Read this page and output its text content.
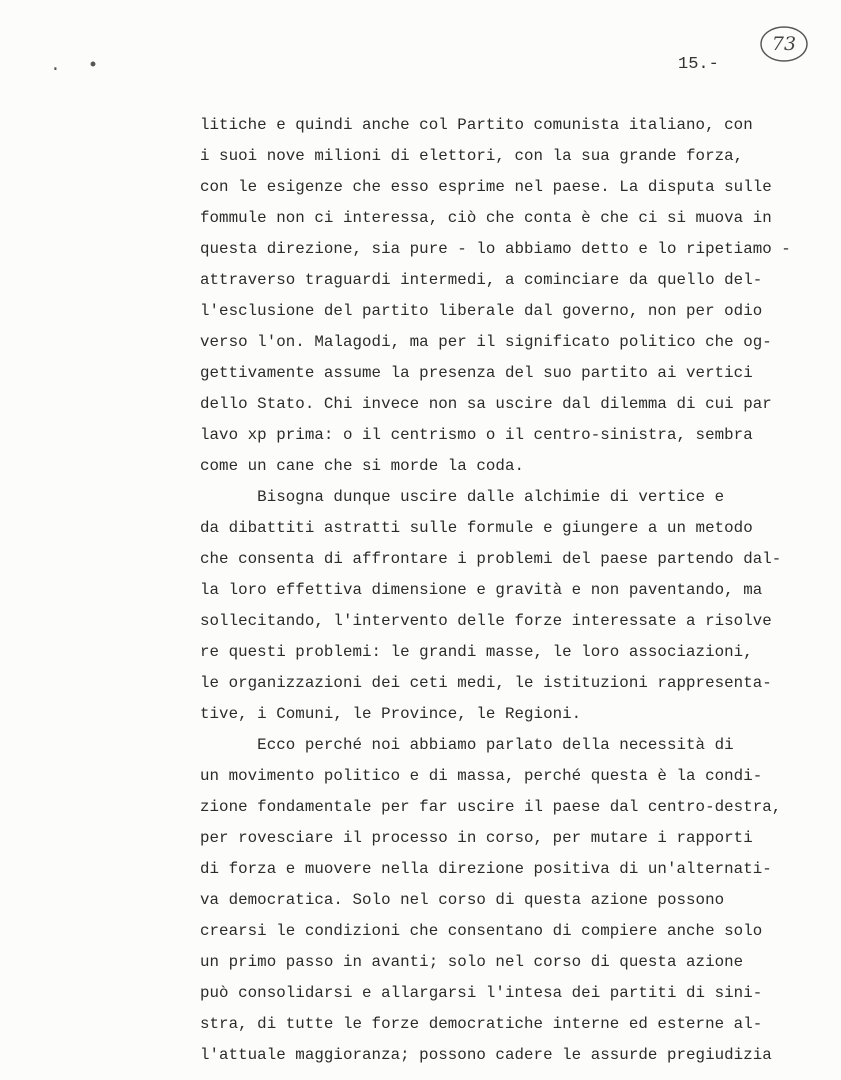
. •	15.-
73
litiche e quindi anche col Partito comunista italiano, con
i suoi nove milioni di elettori, con la sua grande forza,
con le esigenze che esso esprime nel paese. La disputa sulle
fommule non ci interessa, ciò che conta è che ci si muova in
questa direzione, sia pure - lo abbiamo detto e lo ripetiamo -
attraverso traguardi intermedi, a cominciare da quello del-
l'esclusione del partito liberale dal governo, non per odio
verso l'on. Malagodi, ma per il significato politico che og-
gettivamente assume la presenza del suo partito ai vertici
dello Stato. Chi invece non sa uscire dal dilemma di cui par
lavo xp prima: o il centrismo o il centro-sinistra, sembra
come un cane che si morde la coda.
Bisogna dunque uscire dalle alchimie di vertice e
da dibattiti astratti sulle formule e giungere a un metodo
che consenta di affrontare i problemi del paese partendo dal-
la loro effettiva dimensione e gravità e non paventando, ma
sollecitando, l'intervento delle forze interessate a risolve
re questi problemi: le grandi masse, le loro associazioni,
le organizzazioni dei ceti medi, le istituzioni rappresenta-
tive, i Comuni, le Province, le Regioni.
Ecco perché noi abbiamo parlato della necessità di
un movimento politico e di massa, perché questa è la condi-
zione fondamentale per far uscire il paese dal centro-destra,
per rovesciare il processo in corso, per mutare i rapporti
di forza e muovere nella direzione positiva di un'alternati-
va democratica. Solo nel corso di questa azione possono
crearsi le condizioni che consentano di compiere anche solo
un primo passo in avanti; solo nel corso di questa azione
può consolidarsi e allargarsi l'intesa dei partiti di sini-
stra, di tutte le forze democratiche interne ed esterne al-
l'attuale maggioranza; possono cadere le assurde pregiudizia
